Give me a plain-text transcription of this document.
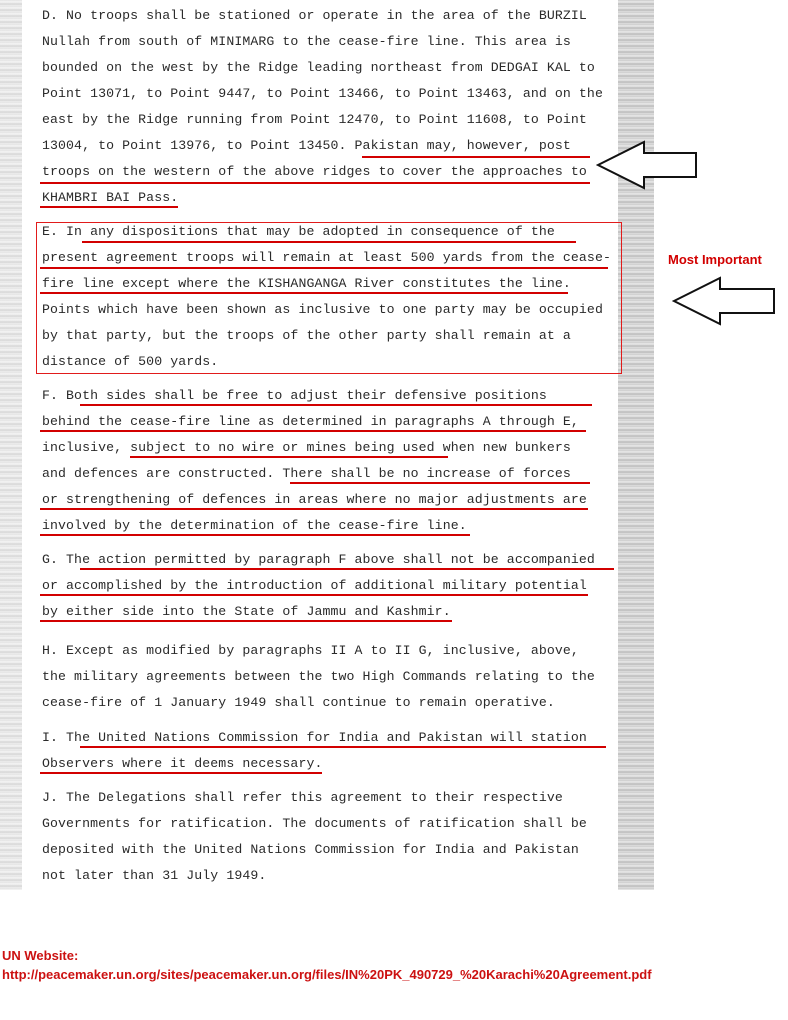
D. No troops shall be stationed or operate in the area of the BURZIL
Nullah from south of MINIMARG to the cease-fire line. This area is
bounded on the west by the Ridge leading northeast from DEDGAI KAL to
Point 13071, to Point 9447, to Point 13466, to Point 13463, and on the
east by the Ridge running from Point 12470, to Point 11608, to Point
13004, to Point 13976, to Point 13450. Pakistan may, however, post
troops on the western of the above ridges to cover the approaches to
KHAMBRI BAI Pass.
E. In any dispositions that may be adopted in consequence of the
present agreement troops will remain at least 500 yards from the cease-
fire line except where the KISHANGANGA River constitutes the line.
Points which have been shown as inclusive to one party may be occupied
by that party, but the troops of the other party shall remain at a
distance of 500 yards.
F. Both sides shall be free to adjust their defensive positions
behind the cease-fire line as determined in paragraphs A through E,
inclusive, subject to no wire or mines being used when new bunkers
and defences are constructed. There shall be no increase of forces
or strengthening of defences in areas where no major adjustments are
involved by the determination of the cease-fire line.
G. The action permitted by paragraph F above shall not be accompanied
or accomplished by the introduction of additional military potential
by either side into the State of Jammu and Kashmir.
H. Except as modified by paragraphs II A to II G, inclusive, above,
the military agreements between the two High Commands relating to the
cease-fire of 1 January 1949 shall continue to remain operative.
I. The United Nations Commission for India and Pakistan will station
Observers where it deems necessary.
J. The Delegations shall refer this agreement to their respective
Governments for ratification. The documents of ratification shall be
deposited with the United Nations Commission for India and Pakistan
not later than 31 July 1949.
Most Important
UN Website:
http://peacemaker.un.org/sites/peacemaker.un.org/files/IN%20PK_490729_%20Karachi%20Agreement.pdf
